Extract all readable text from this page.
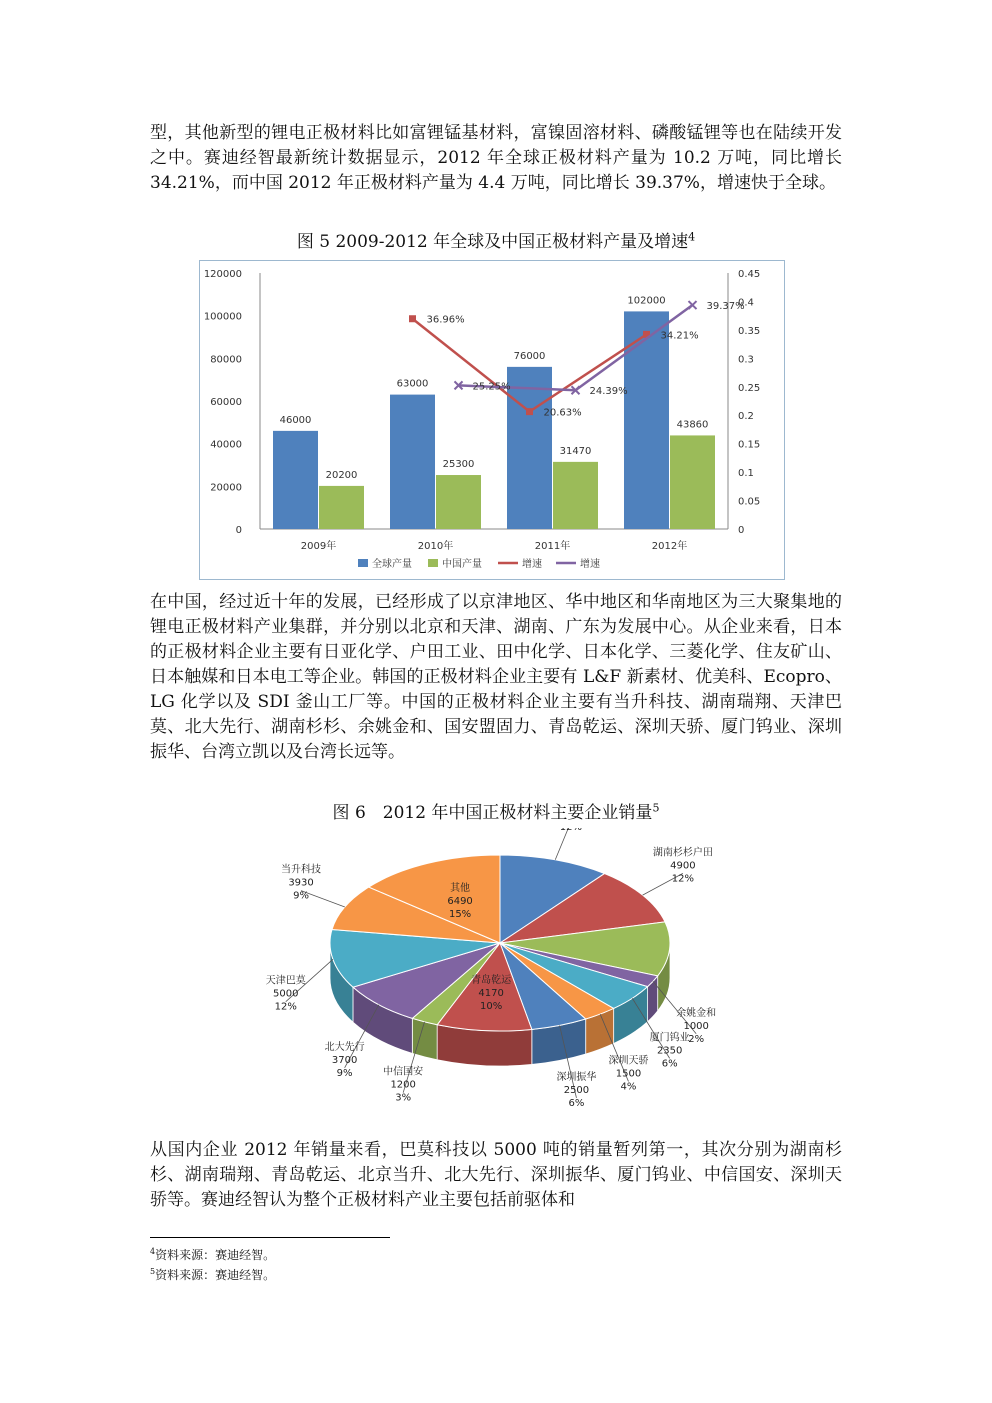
型，其他新型的锂电正极材料比如富锂锰基材料，富镍固溶材料、磷酸锰锂等也在陆续开发之中。赛迪经智最新统计数据显示，2012 年全球正极材料产量为 10.2 万吨，同比增长 34.21%，而中国 2012 年正极材料产量为 4.4 万吨，同比增长 39.37%，增速快于全球。

图 5 2009-2012 年全球及中国正极材料产量及增速$^4$

0
20000
40000
60000
80000
100000
120000
0
0.05
0.1
0.15
0.2
0.25
0.3
0.35
0.4
0.45
2009年	2010年	2011年	2012年
46000
63000
76000
102000
20200
25300
31470
43860
36.96%
20.63%
34.21%
25.25%	24.39%
39.37%
全球产量	中国产量	增速	增速

在中国，经过近十年的发展，已经形成了以京津地区、华中地区和华南地区为三大聚集地的锂电正极材料产业集群，并分别以北京和天津、湖南、广东为发展中心。从企业来看，日本的正极材料企业主要有日亚化学、户田工业、田中化学、日本化学、三菱化学、住友矿山、日本触媒和日本电工等企业。韩国的正极材料企业主要有 L&F 新素材、优美科、Ecopro、LG 化学以及 SDI 釜山工厂等。中国的正极材料企业主要有当升科技、湖南瑞翔、天津巴莫、北大先行、湖南杉杉、余姚金和、国安盟固力、青岛乾运、深圳天骄、厦门钨业、深圳振华、台湾立凯以及台湾长远等。

图 6　2012 年中国正极材料主要企业销量$^5$

湖南杉杉户田
4900
12%
余姚金和
1000
2%
厦门钨业
2350
6%
深圳天骄
1500
4%
深圳振华
2500
6%
青岛乾运
4170
10%
中信国安
1200
3%
北大先行
3700
9%
天津巴莫
5000
12%
当升科技
3930
9%
其他
6490
15%

从国内企业 2012 年销量来看，巴莫科技以 5000 吨的销量暂列第一，其次分别为湖南杉杉、湖南瑞翔、青岛乾运、北京当升、北大先行、深圳振华、厦门钨业、中信国安、深圳天骄等。赛迪经智认为整个正极材料产业主要包括前驱体和

$^4$资料来源：赛迪经智。

$^5$资料来源：赛迪经智。
